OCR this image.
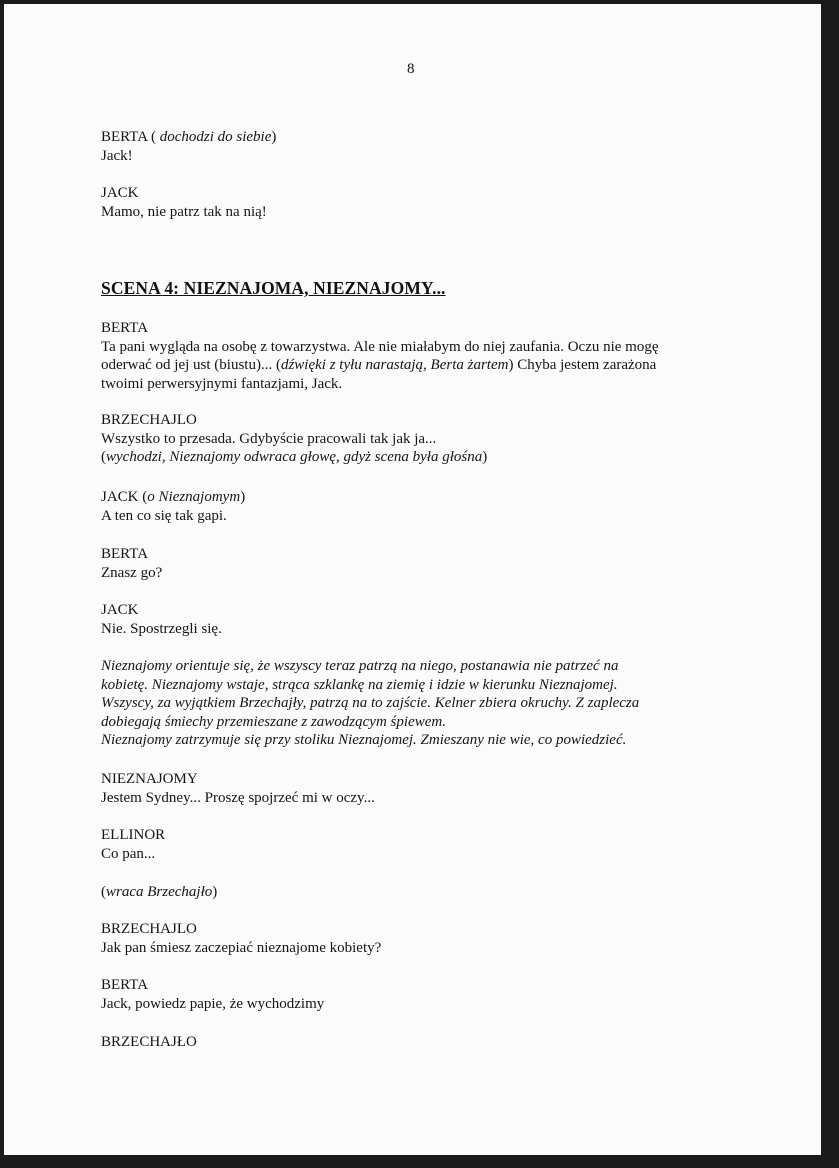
8
BERTA ( dochodzi do siebie)
Jack!
JACK
Mamo, nie patrz tak na nią!
SCENA 4: NIEZNAJOMA, NIEZNAJOMY...
BERTA
Ta pani wygląda na osobę z towarzystwa. Ale nie miałabym do niej zaufania. Oczu nie mogę
oderwać od jej ust (biustu)... (dźwięki z tyłu narastają, Berta żartem) Chyba jestem zarażona
twoimi perwersyjnymi fantazjami, Jack.
BRZECHAJLO
Wszystko to przesada. Gdybyście pracowali tak jak ja...
(wychodzi, Nieznajomy odwraca głowę, gdyż scena była głośna)
JACK (o Nieznajomym)
A ten co się tak gapi.
BERTA
Znasz go?
JACK
Nie. Spostrzegli się.
Nieznajomy orientuje się, że wszyscy teraz patrzą na niego, postanawia nie patrzeć na
kobietę. Nieznajomy wstaje, strąca szklankę na ziemię i idzie w kierunku Nieznajomej.
Wszyscy, za wyjątkiem Brzechajły, patrzą na to zajście. Kelner zbiera okruchy. Z zaplecza
dobiegają śmiechy przemieszane z zawodzącym śpiewem.
Nieznajomy zatrzymuje się przy stoliku Nieznajomej. Zmieszany nie wie, co powiedzieć.
NIEZNAJOMY
Jestem Sydney... Proszę spojrzeć mi w oczy...
ELLINOR
Co pan...
(wraca Brzechajło)
BRZECHAJLO
Jak pan śmiesz zaczepiać nieznajome kobiety?
BERTA
Jack, powiedz papie, że wychodzimy
BRZECHAJŁO
